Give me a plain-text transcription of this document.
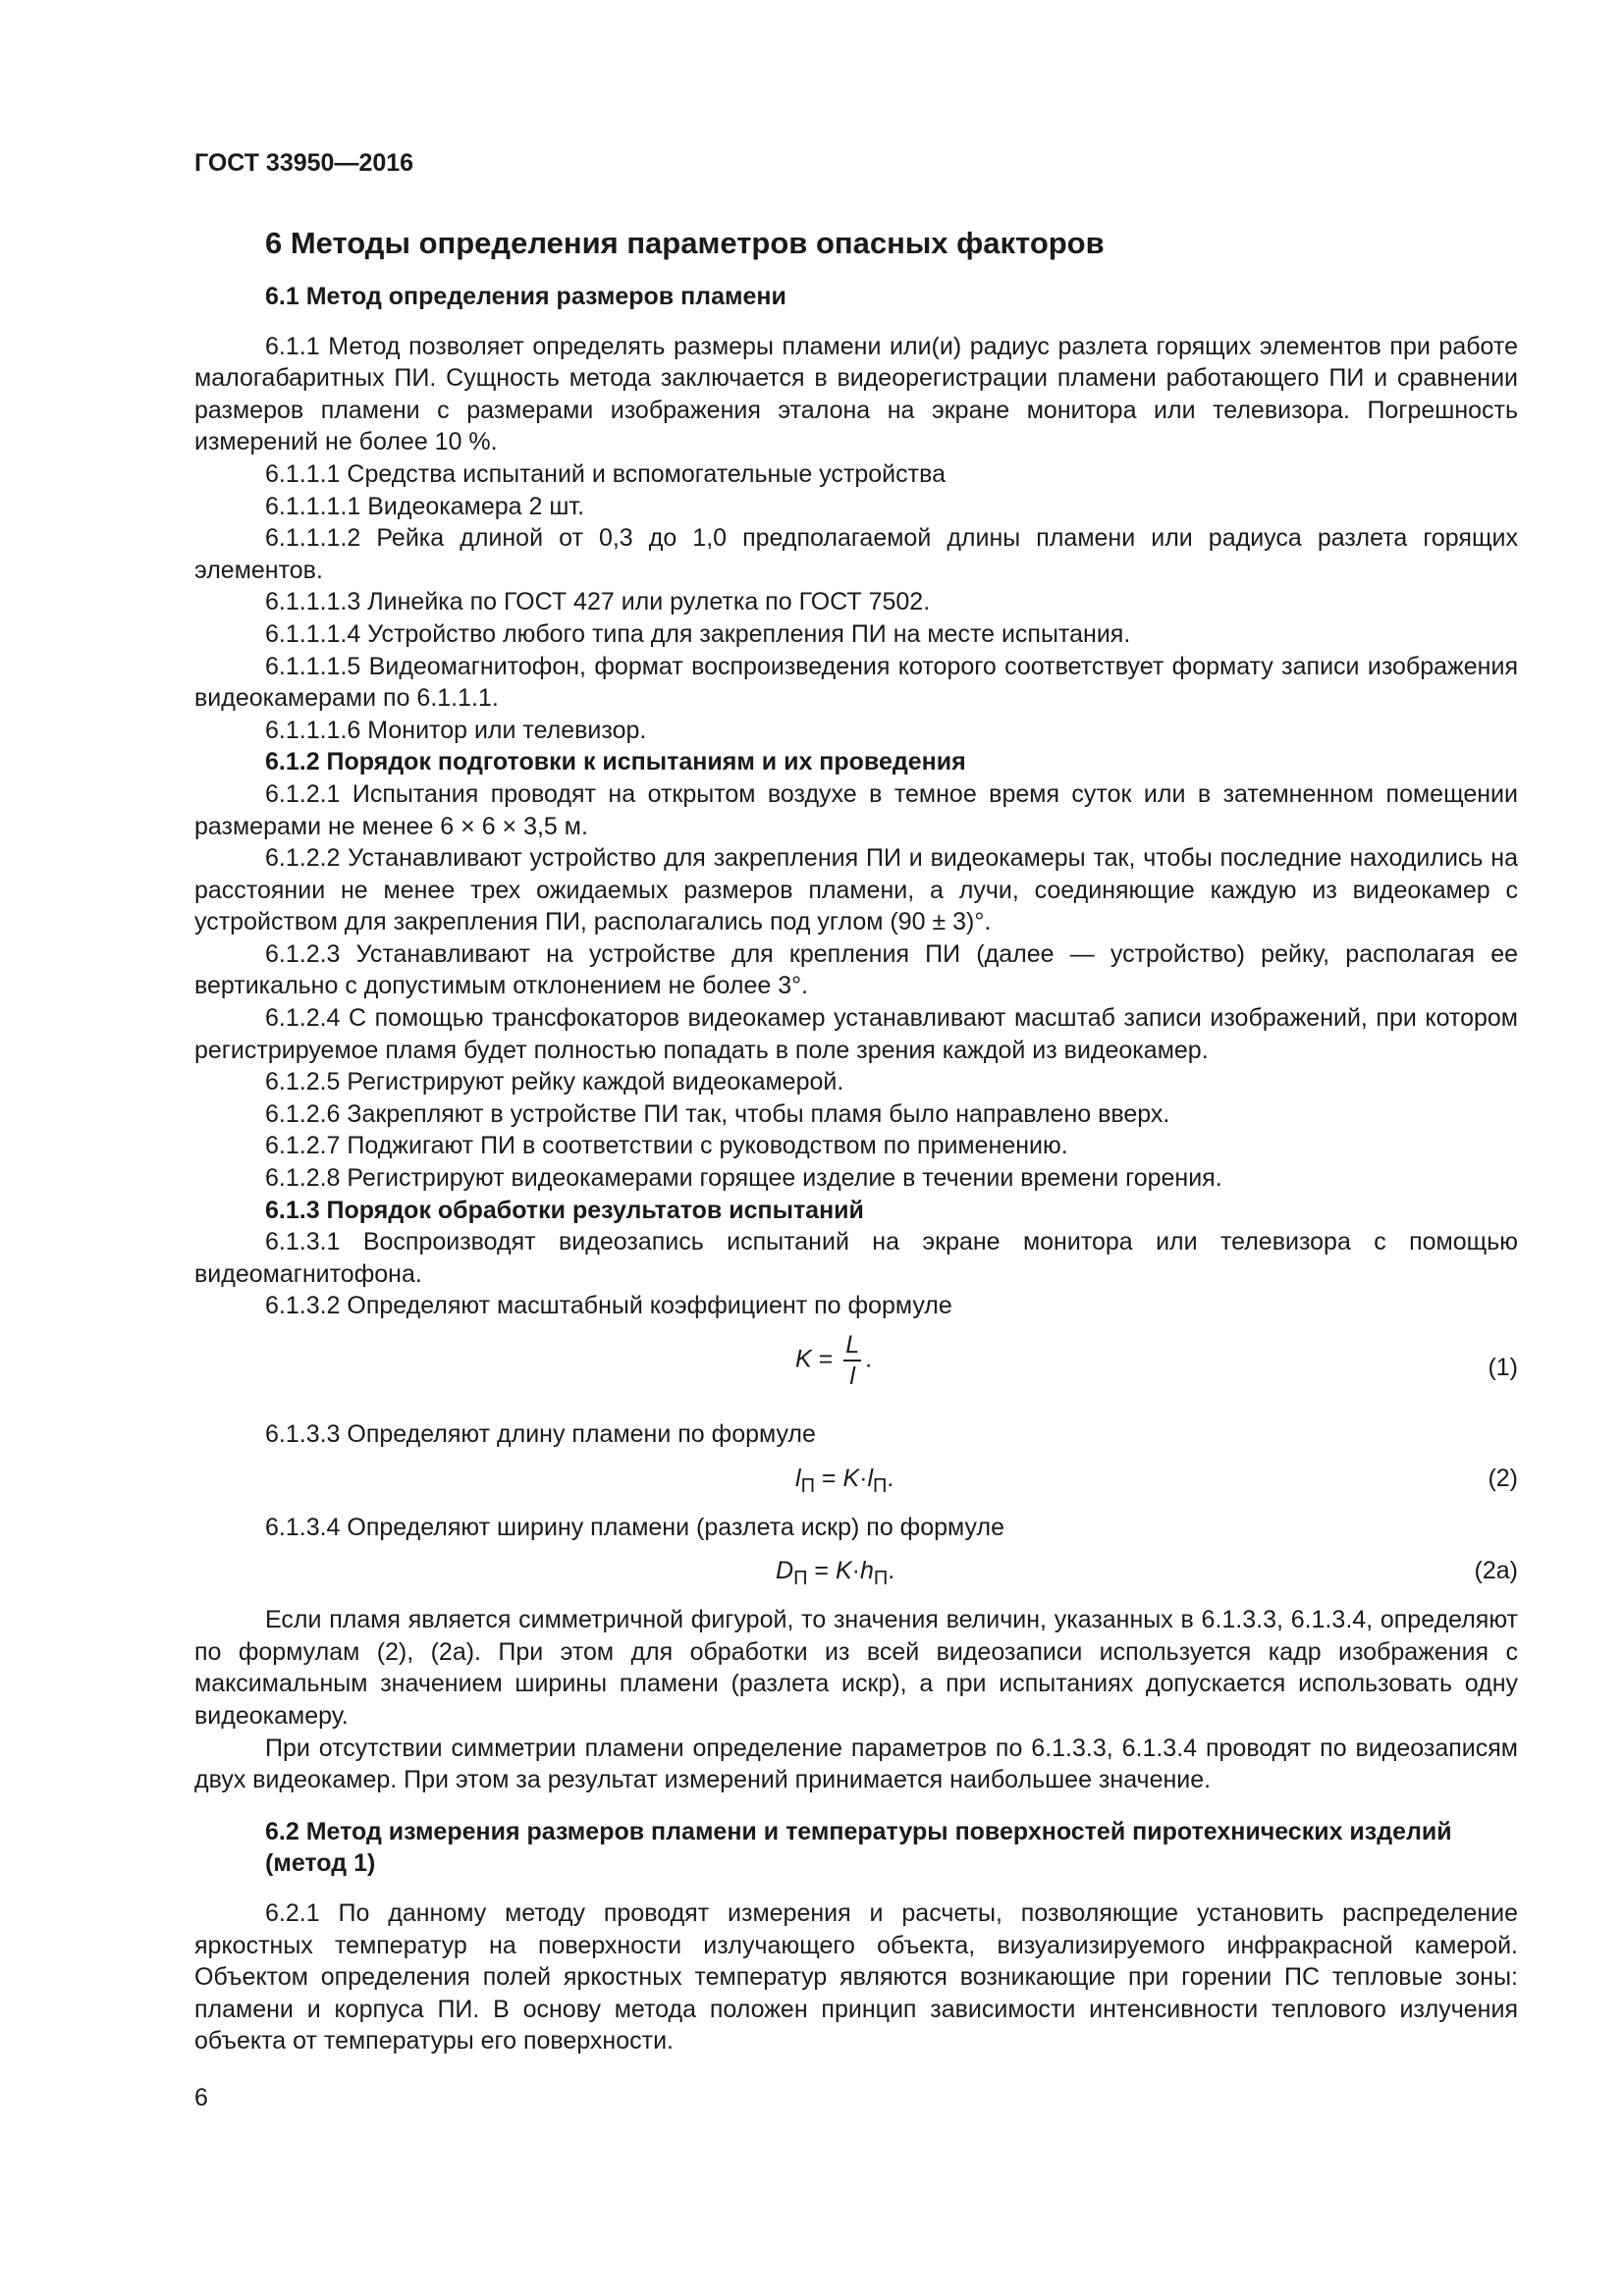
ГОСТ 33950—2016
6 Методы определения параметров опасных факторов
6.1 Метод определения размеров пламени

6.1.1 Метод позволяет определять размеры пламени или(и) радиус разлета горящих элементов при работе малогабаритных ПИ. Сущность метода заключается в видеорегистрации пламени работающего ПИ и сравнении размеров пламени с размерами изображения эталона на экране монитора или телевизора. Погрешность измерений не более 10 %.

6.1.1.1 Средства испытаний и вспомогательные устройства

6.1.1.1.1 Видеокамера 2 шт.

6.1.1.1.2 Рейка длиной от 0,3 до 1,0 предполагаемой длины пламени или радиуса разлета горящих элементов.

6.1.1.1.3 Линейка по ГОСТ 427 или рулетка по ГОСТ 7502.

6.1.1.1.4 Устройство любого типа для закрепления ПИ на месте испытания.

6.1.1.1.5 Видеомагнитофон, формат воспроизведения которого соответствует формату записи изображения видеокамерами по 6.1.1.1.

6.1.1.1.6 Монитор или телевизор.

6.1.2 Порядок подготовки к испытаниям и их проведения

6.1.2.1 Испытания проводят на открытом воздухе в темное время суток или в затемненном помещении размерами не менее 6 × 6 × 3,5 м.

6.1.2.2 Устанавливают устройство для закрепления ПИ и видеокамеры так, чтобы последние находились на расстоянии не менее трех ожидаемых размеров пламени, а лучи, соединяющие каждую из видеокамер с устройством для закрепления ПИ, располагались под углом (90 ± 3)°.

6.1.2.3 Устанавливают на устройстве для крепления ПИ (далее — устройство) рейку, располагая ее вертикально с допустимым отклонением не более 3°.

6.1.2.4 С помощью трансфокаторов видеокамер устанавливают масштаб записи изображений, при котором регистрируемое пламя будет полностью попадать в поле зрения каждой из видеокамер.

6.1.2.5 Регистрируют рейку каждой видеокамерой.

6.1.2.6 Закрепляют в устройстве ПИ так, чтобы пламя было направлено вверх.

6.1.2.7 Поджигают ПИ в соответствии с руководством по применению.

6.1.2.8 Регистрируют видеокамерами горящее изделие в течении времени горения.

6.1.3 Порядок обработки результатов испытаний

6.1.3.1 Воспроизводят видеозапись испытаний на экране монитора или телевизора с помощью видеомагнитофона.

6.1.3.2 Определяют масштабный коэффициент по формуле

$K = \frac{L}{l}$ .	(1)

6.1.3.3 Определяют длину пламени по формуле

$l_П = K\cdot l_П$.	(2)

6.1.3.4 Определяют ширину пламени (разлета искр) по формуле

$D_П = K\cdot h_П$.	(2а)

Если пламя является симметричной фигурой, то значения величин, указанных в 6.1.3.3, 6.1.3.4, определяют по формулам (2), (2а). При этом для обработки из всей видеозаписи используется кадр изображения с максимальным значением ширины пламени (разлета искр), а при испытаниях допускается использовать одну видеокамеру.

При отсутствии симметрии пламени определение параметров по 6.1.3.3, 6.1.3.4 проводят по видеозаписям двух видеокамер. При этом за результат измерений принимается наибольшее значение.

6.2 Метод измерения размеров пламени и температуры поверхностей пиротехнических изделий (метод 1)

6.2.1 По данному методу проводят измерения и расчеты, позволяющие установить распределение яркостных температур на поверхности излучающего объекта, визуализируемого инфракрасной камерой. Объектом определения полей яркостных температур являются возникающие при горении ПС тепловые зоны: пламени и корпуса ПИ. В основу метода положен принцип зависимости интенсивности теплового излучения объекта от температуры его поверхности.

6
